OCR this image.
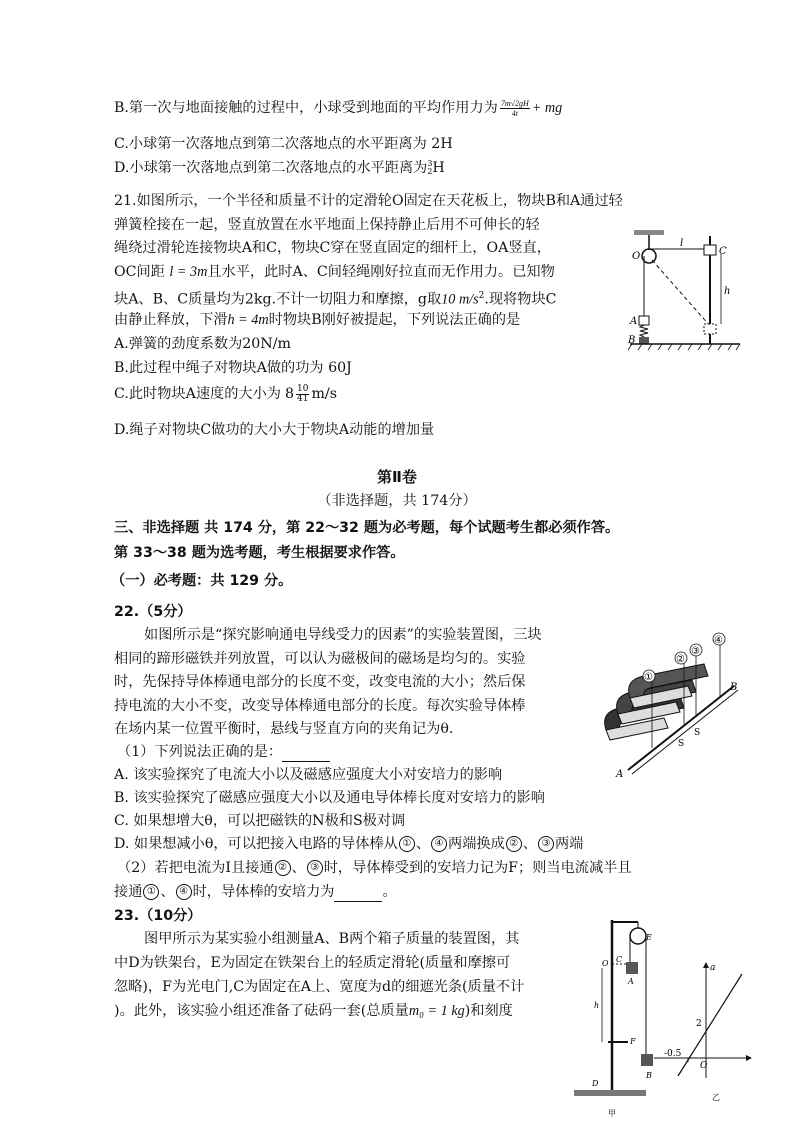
B.第一次与地面接触的过程中，小球受到地面的平均作用力为 $\frac{7m√2gH}{4t}$ + mg
C.小球第一次落地点到第二次落地点的水平距离为 2H
D.小球第一次落地点到第二次落地点的水平距离为 3
2 H
21.如图所示，一个半径和质量不计的定滑轮O固定在天花板上，物块B和A通过轻
弹簧栓接在一起，竖直放置在水平地面上保持静止后用不可伸长的轻
绳绕过滑轮连接物块A和C，物块C穿在竖直固定的细杆上，OA竖直，
OC间距 l = 3m且水平，此时A、C间轻绳刚好拉直而无作用力。已知物
块A、B、C质量均为2kg.不计一切阻力和摩擦，g取10 $m/s^2$.现将物块C
由静止释放，下滑h = 4m时物块B刚好被提起，下列说法正确的是
A.弹簧的劲度系数为20N/m
B.此过程中绳子对物块A做的功为 60J
C.此时物块A速度的大小为 $8 \frac{10}{41} m/s$
D.绳子对物块C做功的大小大于物块A动能的增加量
O
l
C
h
A
B
第Ⅱ卷
（非选择题，共 174分）
三、非选择题 共 174 分，第 22～32 题为必考题，每个试题考生都必须作答。
第 33～38 题为选考题，考生根据要求作答。
（一）必考题：共 129 分。
22.（5分）
如图所示是“探究影响通电导线受力的因素”的实验装置图，三块
相同的蹄形磁铁并列放置，可以认为磁极间的磁场是均匀的。实验
时，先保持导体棒通电部分的长度不变，改变电流的大小；然后保
持电流的大小不变，改变导体棒通电部分的长度。每次实验导体棒
在场内某一位置平衡时，悬线与竖直方向的夹角记为θ.
（1）下列说法正确的是：
A. 该实验探究了电流大小以及磁感应强度大小对安培力的影响
B. 该实验探究了磁感应强度大小以及通电导体棒长度对安培力的影响
C. 如果想增大θ，可以把磁铁的N极和S极对调
D. 如果想减小θ，可以把接入电路的导体棒从 ① 、 ④ 两端换成 ② 、 ③ 两端
（2）若把电流为I且接通 ② 、 ③ 时，导体棒受到的安培力记为F；则当电流减半且
接通 ① 、 ④ 时，导体棒的安培力为	。
①
②
③
④
B
A
S
S
N
23.（10分）
图甲所示为某实验小组测量A、B两个箱子质量的装置图，其
中D为铁架台，E为固定在铁架台上的轻质定滑轮(质量和摩擦可
忽略)，F为光电门,C为固定在A上、宽度为d的细遮光条(质量不计
)。此外，该实验小组还准备了砝码一套(总质量m₀ = 1 kg)和刻度
E
O C
A
h
F
B
D
甲
a
2
-0.5
O
乙
